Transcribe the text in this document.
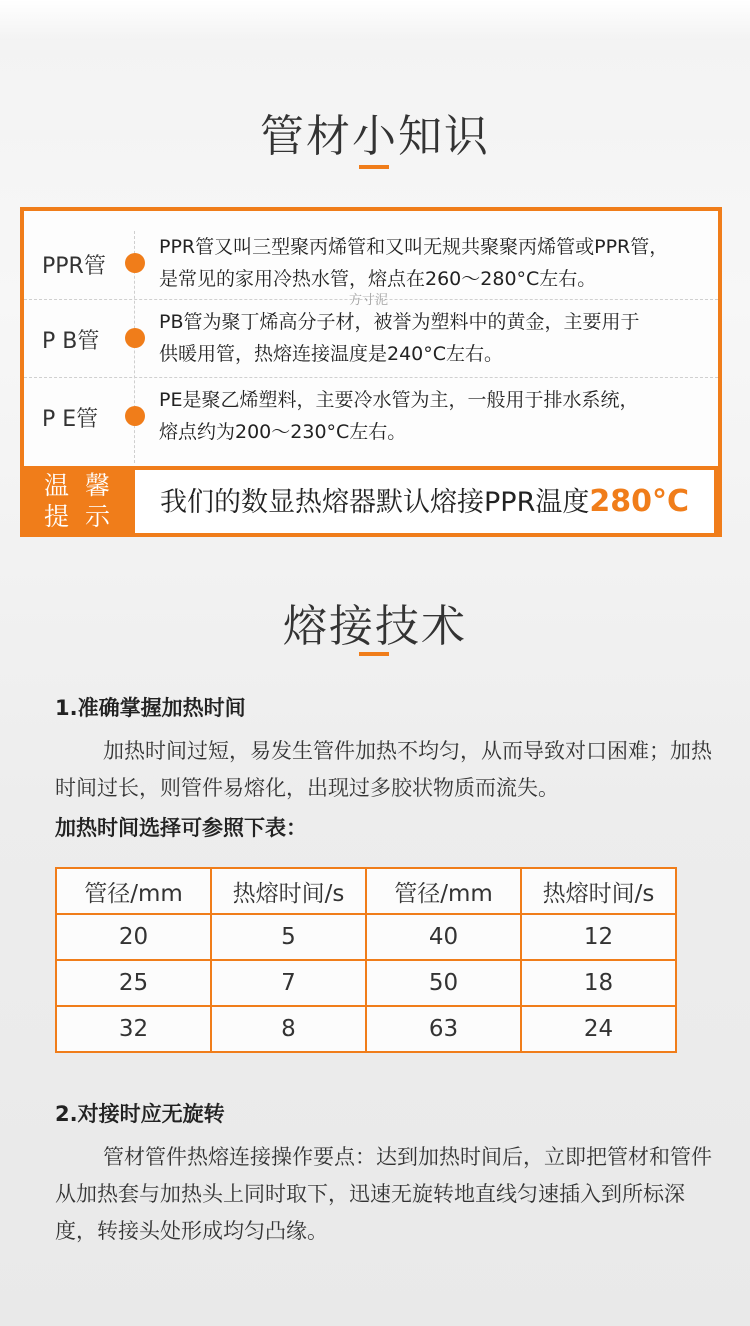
管材小知识
PPR管
PPR管又叫三型聚丙烯管和又叫无规共聚聚丙烯管或PPR管，
是常见的家用冷热水管，熔点在260～280°C左右。
P B管
PB管为聚丁烯高分子材，被誉为塑料中的黄金，主要用于
供暖用管，热熔连接温度是240°C左右。
P E管
PE是聚乙烯塑料，主要冷水管为主，一般用于排水系统，
熔点约为200～230°C左右。
温 馨
提 示	我们的数显热熔器默认熔接PPR温度280°C
方寸泥
熔接技术
1.准确掌握加热时间
加热时间过短，易发生管件加热不均匀，从而导致对口困难；加热时间过长，则管件易熔化，出现过多胶状物质而流失。
加热时间选择可参照下表：
管径/mm	热熔时间/s	管径/mm	热熔时间/s
20	5	40	12
25	7	50	18
32	8	63	24
2.对接时应无旋转
管材管件热熔连接操作要点：达到加热时间后，立即把管材和管件从加热套与加热头上同时取下，迅速无旋转地直线匀速插入到所标深度，转接头处形成均匀凸缘。
